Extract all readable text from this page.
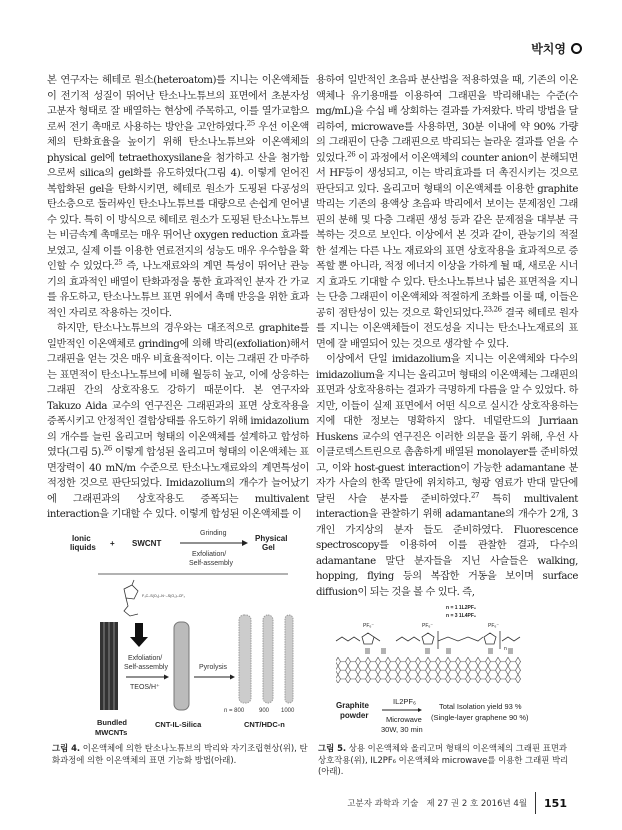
박치영

본 연구자는 헤테로 원소(heteroatom)를 지니는 이온액체들이 전기적 성질이 뛰어난 탄소나노튜브의 표면에서 초분자성 고분자 형태로 잘 배열하는 현상에 주목하고, 이를 열가교함으로써 전기 촉매로 사용하는 방안을 고안하였다.$^{25}$ 우선 이온액체의 탄화효율을 높이기 위해 탄소나노튜브와 이온액체의 physical gel에 tetraethoxysilane을 첨가하고 산을 첨가함으로써 silica의 gel화를 유도하였다(그림 4). 이렇게 얻어진 복합화된 gel을 탄화시키면, 헤테로 원소가 도핑된 다공성의 탄소층으로 둘러싸인 탄소나노튜브를 대량으로 손쉽게 얻어낼 수 있다. 특히 이 방식으로 헤테로 원소가 도핑된 탄소나노튜브는 비금속계 촉매로는 매우 뛰어난 oxygen reduction 효과를 보였고, 실제 이를 이용한 연료전지의 성능도 매우 우수함을 확인할 수 있었다.$^{25}$ 즉, 나노재료와의 계면 특성이 뛰어난 관능기의 효과적인 배열이 탄화과정을 통한 효과적인 분자 간 가교를 유도하고, 탄소나노튜브 표면 위에서 촉매 반응을 위한 효과적인 자리로 작용하는 것이다.

하지만, 탄소나노튜브의 경우와는 대조적으로 graphite를 일반적인 이온액체로 grinding에 의해 박리(exfoliation)해서 그래핀을 얻는 것은 매우 비효율적이다. 이는 그래핀 간 마주하는 표면적이 탄소나노튜브에 비해 월등히 높고, 이에 상응하는 그래핀 간의 상호작용도 강하기 때문이다. 본 연구자와 Takuzo Aida 교수의 연구진은 그래핀과의 표면 상호작용을 증폭시키고 안정적인 결합상태를 유도하기 위해 imidazolium의 개수를 늘린 올리고머 형태의 이온액체를 설계하고 합성하였다(그림 5).$^{26}$ 이렇게 합성된 올리고머 형태의 이온액체는 표면장력이 40 mN/m 수준으로 탄소나노재료와의 계면특성이 적정한 것으로 판단되었다. Imidazolium의 개수가 늘어났기에 그래핀과의 상호작용도 증폭되는 multivalent interaction을 기대할 수 있다. 이렇게 합성된 이온액체를 이

용하여 일반적인 초음파 분산법을 적용하였을 때, 기존의 이온액체나 유기용매를 이용하여 그래핀을 박리해내는 수준(수 mg/mL)을 수십 배 상회하는 결과를 가져왔다. 박리 방법을 달리하여, microwave를 사용하면, 30분 이내에 약 90% 가량의 그래핀이 단층 그래핀으로 박리되는 놀라운 결과를 얻을 수 있었다.$^{26}$ 이 과정에서 이온액체의 counter anion이 분해되면서 HF등이 생성되고, 이는 박리효과를 더 촉진시키는 것으로 판단되고 있다. 올리고머 형태의 이온액체를 이용한 graphite 박리는 기존의 용액상 초음파 박리에서 보이는 문제점인 그래핀의 분해 및 다층 그래핀 생성 등과 같은 문제점을 대부분 극복하는 것으로 보인다. 이상에서 본 것과 같이, 관능기의 적절한 설계는 다른 나노 재료와의 표면 상호작용을 효과적으로 증폭할 뿐 아니라, 적정 에너지 이상을 가하게 될 때, 새로운 시너지 효과도 기대할 수 있다. 탄소나노튜브나 넓은 표면적을 지니는 단층 그래핀이 이온액체와 적절하게 조화를 이룰 때, 이들은 공히 점탄성이 있는 것으로 확인되었다.$^{23,26}$ 결국 헤테로 원자를 지니는 이온액체들이 전도성을 지니는 탄소나노재료의 표면에 잘 배열되어 있는 것으로 생각할 수 있다.

이상에서 단일 imidazolium을 지니는 이온액체와 다수의 imidazolium을 지니는 올리고머 형태의 이온액체는 그래핀의 표면과 상호작용하는 결과가 극명하게 다름을 알 수 있었다. 하지만, 이들이 실제 표면에서 어떤 식으로 실시간 상호작용하는지에 대한 정보는 명확하지 않다. 네덜란드의 Jurriaan Huskens 교수의 연구진은 이러한 의문을 풀기 위해, 우선 사이클로덱스트린으로 촘촘하게 배열된 monolayer를 준비하였고, 이와 host-guest interaction이 가능한 adamantane 분자가 사슬의 한쪽 말단에 위치하고, 형광 염료가 반대 말단에 달린 사슬 분자를 준비하였다.$^{27}$ 특히 multivalent interaction을 관찰하기 위해 adamantane의 개수가 2개, 3개인 가지상의 분자 들도 준비하였다. Fluorescence spectroscopy를 이용하여 이를 관찰한 결과, 다수의 adamantane 말단 분자들을 지닌 사슬들은 walking, hopping, flying 등의 복잡한 거동을 보이며 surface diffusion이 되는 것을 볼 수 있다. 즉,

Ionic
liquids + SWCNT
Physical
Gel
Grinding
Exfoliation/
Self-assembly
F₃C–S(O₂)–N⁻–S(O₂)–CF₃
Exfoliation/
Self-assembly
TEOS/H⁺
Pyrolysis
n = 800 900 1000
Bundled
MWCNTs
CNT-IL-Silica	CNT/HDC-n
그림 4. 이온액체에 의한 탄소나노튜브의 박리와 자기조립현상(위), 탄화과정에 의한 이온액체의 표면 기능화 방법(아래).
n = 1 1L2PF₆
n = 3 1L4PF₆
PF₆⁻	PF₆⁻	PF₆⁻
n
Graphite
powder
IL2PF₆
Microwave
30W, 30 min
Total Isolation yield 93 %
(Single-layer graphene 90 %)
그림 5. 상용 이온액체와 올리고머 형태의 이온액체의 그래핀 표면과 상호작용(위), IL2PF₆ 이온액체와 microwave를 이용한 그래핀 박리(아래).
고분자 과학과 기술
제 27 권 2 호 2016년 4월 151
